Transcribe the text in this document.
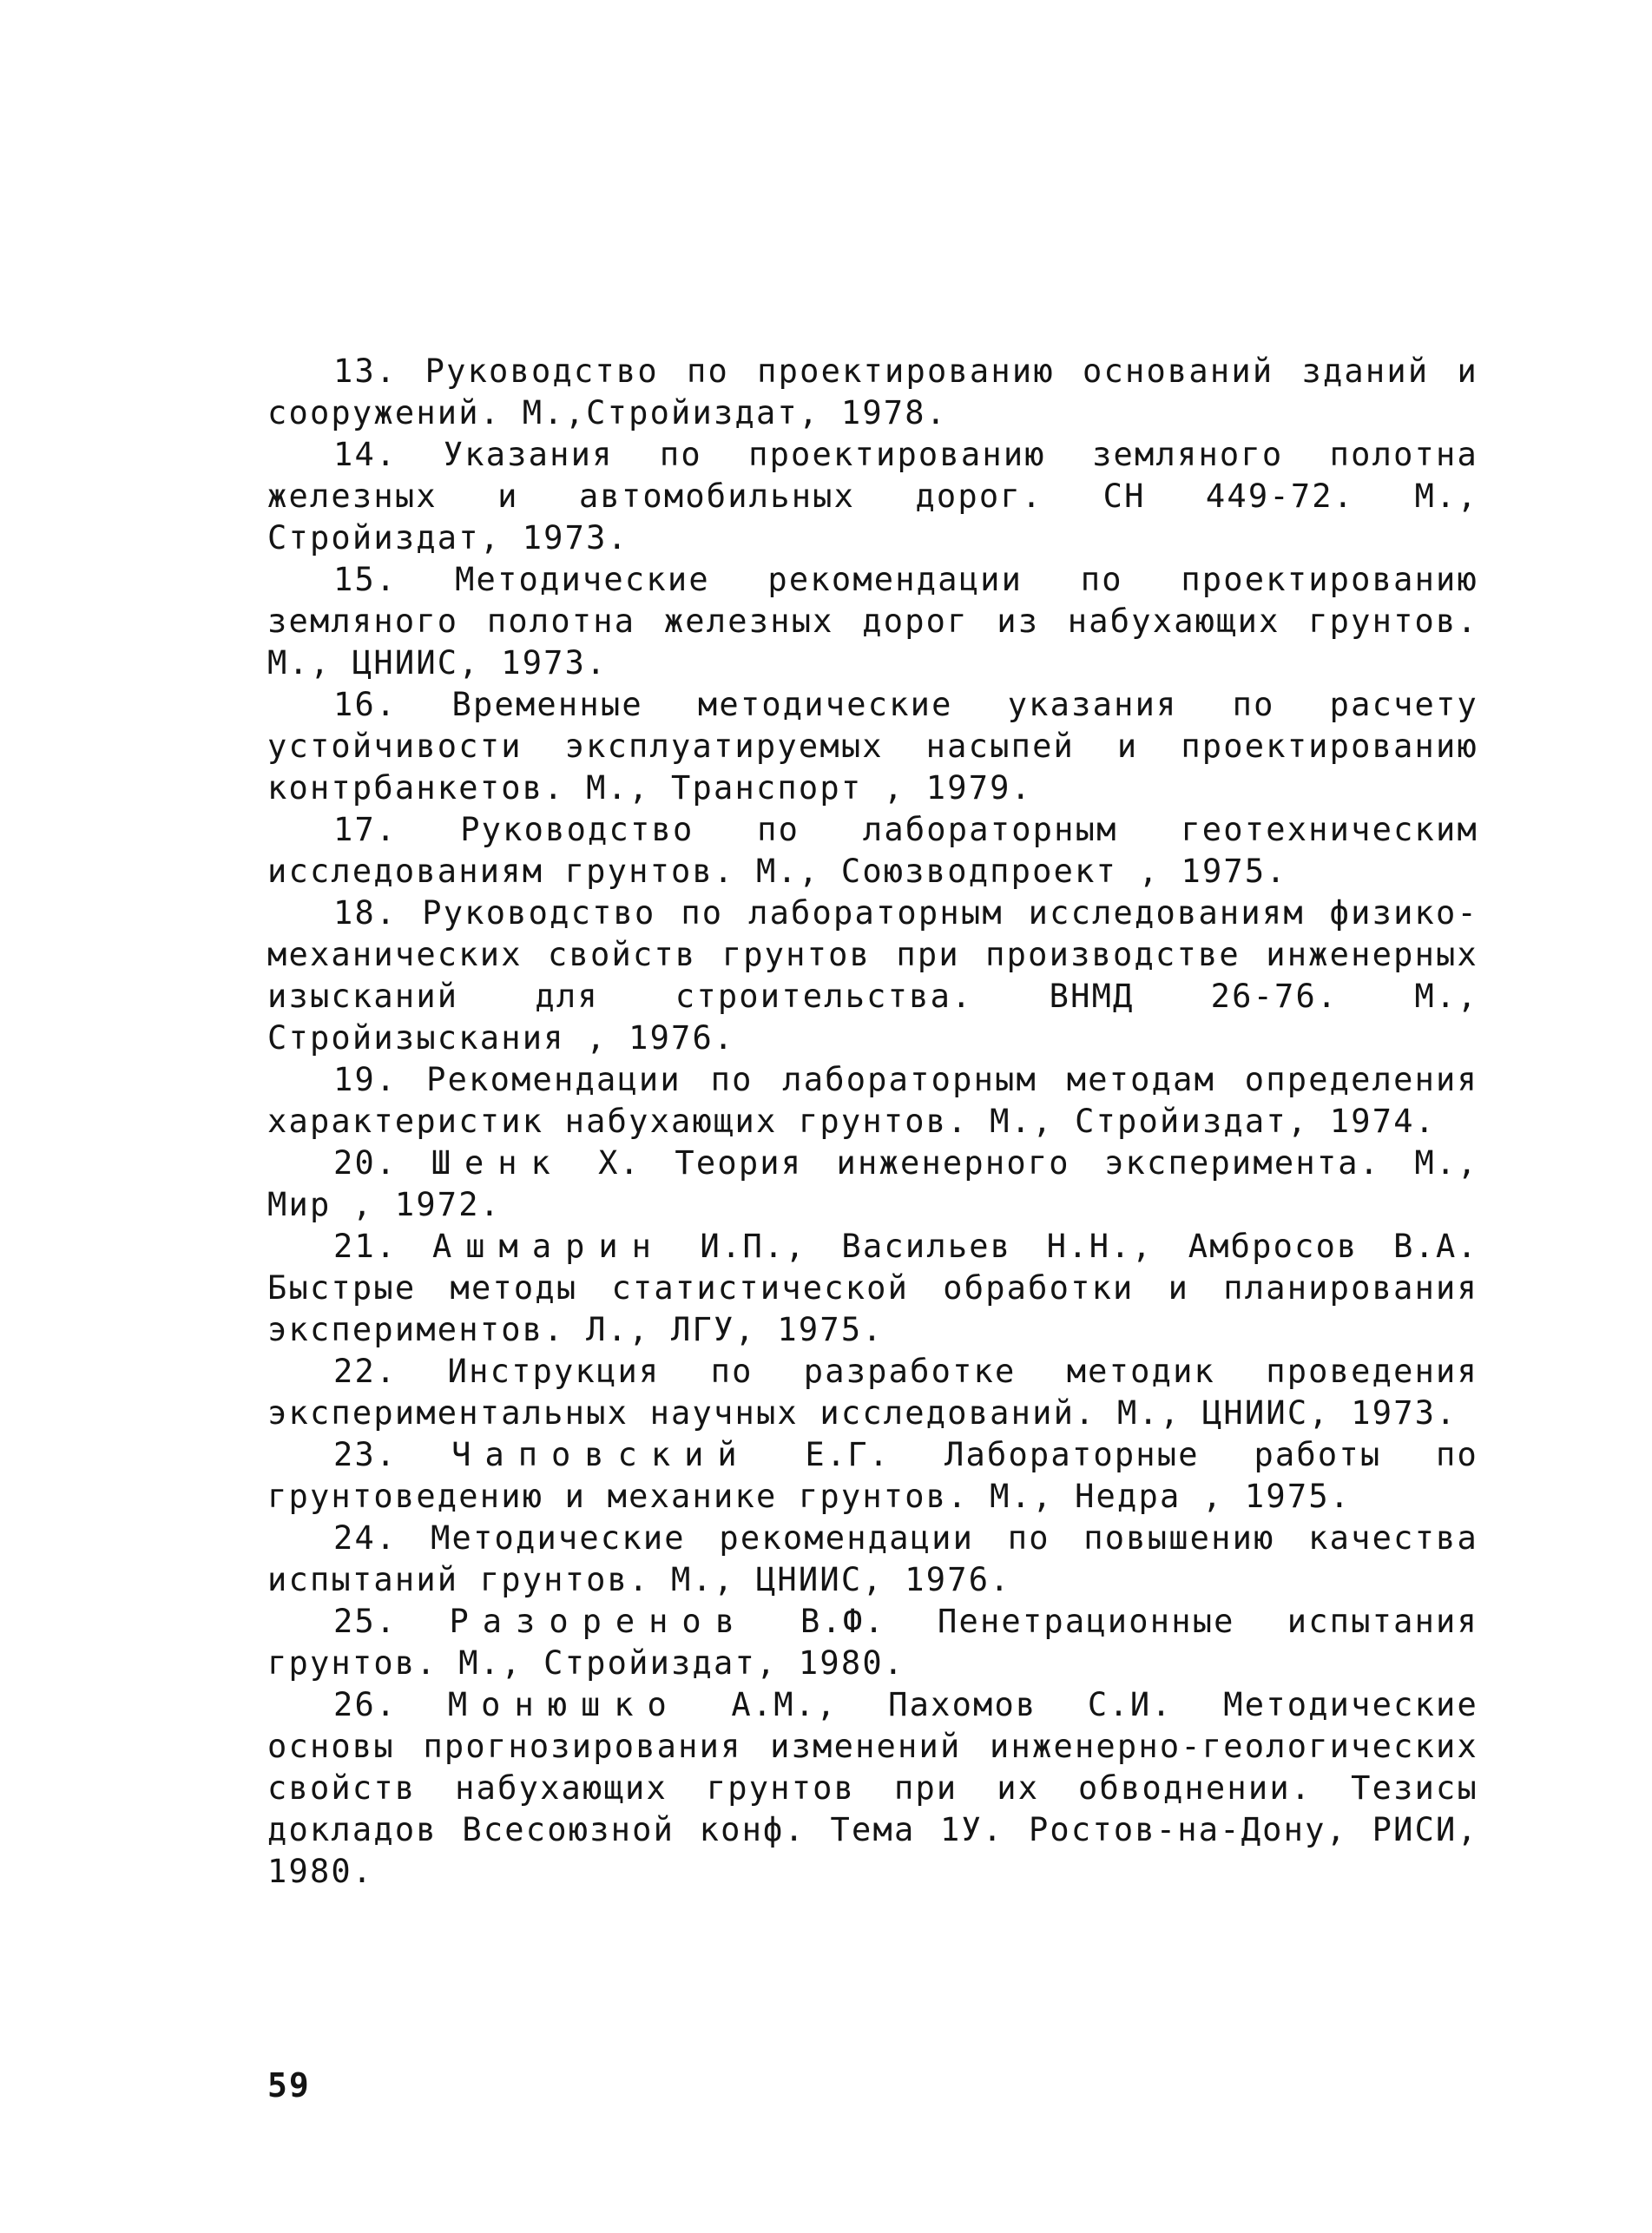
13. Руководство по проектированию оснований зданий и сооружений. М.,Стройиздат, 1978.

14. Указания по проектированию земляного полотна железных и автомобильных дорог. СН 449-72. М., Стройиздат, 1973.

15. Методические рекомендации по проектированию земляного полотна железных дорог из набухающих грунтов. М., ЦНИИС, 1973.

16. Временные методические указания по расчету устойчивости эксплуатируемых насыпей и проектированию контрбанкетов. М., Транспорт , 1979.

17. Руководство по лабораторным геотехническим исследованиям грунтов. М., Союзводпроект , 1975.

18. Руководство по лабораторным исследованиям физико-механических свойств грунтов при производстве инженерных изысканий для строительства. ВНМД 26-76. М., Стройизыскания , 1976.

19. Рекомендации по лабораторным методам определения характеристик набухающих грунтов. М., Стройиздат, 1974.

20. Шенк Х. Теория инженерного эксперимента. М., Мир , 1972.

21. Ашмарин И.П., Васильев Н.Н., Амбросов В.А. Быстрые методы статистической обработки и планирования экспериментов. Л., ЛГУ, 1975.

22. Инструкция по разработке методик проведения экспериментальных научных исследований. М., ЦНИИС, 1973.

23. Чаповский Е.Г. Лабораторные работы по грунтоведению и механике грунтов. М., Недра , 1975.

24. Методические рекомендации по повышению качества испытаний грунтов. М., ЦНИИС, 1976.

25. Разоренов В.Ф. Пенетрационные испытания грунтов. М., Стройиздат, 1980.

26. Монюшко А.М., Пахомов С.И. Методические основы прогнозирования изменений инженерно-геологических свойств набухающих грунтов при их обводнении. Тезисы докладов Всесоюзной конф. Тема 1У. Ростов-на-Дону, РИСИ, 1980.

59
